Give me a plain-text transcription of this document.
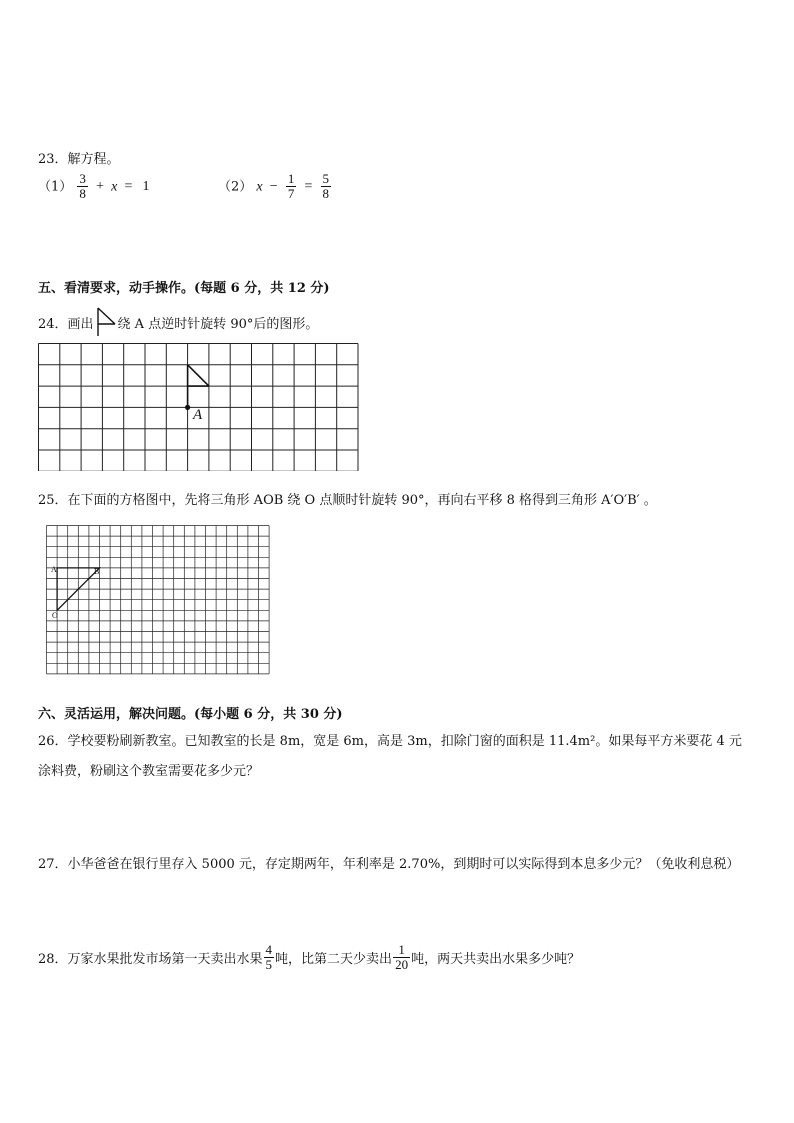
23．解方程。
$(1) \frac{3}{8} + x = 1$	（2） $x - \frac{1}{7} = \frac{5}{8}$
五、看清要求，动手操作。(每题 6 分，共 12 分)
24．画出 绕 A 点逆时针旋转 90°后的图形。
A
25．在下面的方格图中，先将三角形 AOB 绕 O 点顺时针旋转 90°，再向右平移 8 格得到三角形 A′O′B′ 。
A	B
O
六、灵活运用，解决问题。(每小题 6 分，共 30 分)
26．学校要粉刷新教室。已知教室的长是 8m，宽是 6m，高是 3m，扣除门窗的面积是 11.4m²。如果每平方米要花 4 元
涂料费，粉刷这个教室需要花多少元？
27．小华爸爸在银行里存入 5000 元，存定期两年，年利率是 2.70%，到期时可以实际得到本息多少元？（免收利息税）
28．万家水果批发市场第一天卖出水果 $\frac{4}{5}$ 吨，比第二天少卖出 $\frac{1}{20}$ 吨，两天共卖出水果多少吨？
